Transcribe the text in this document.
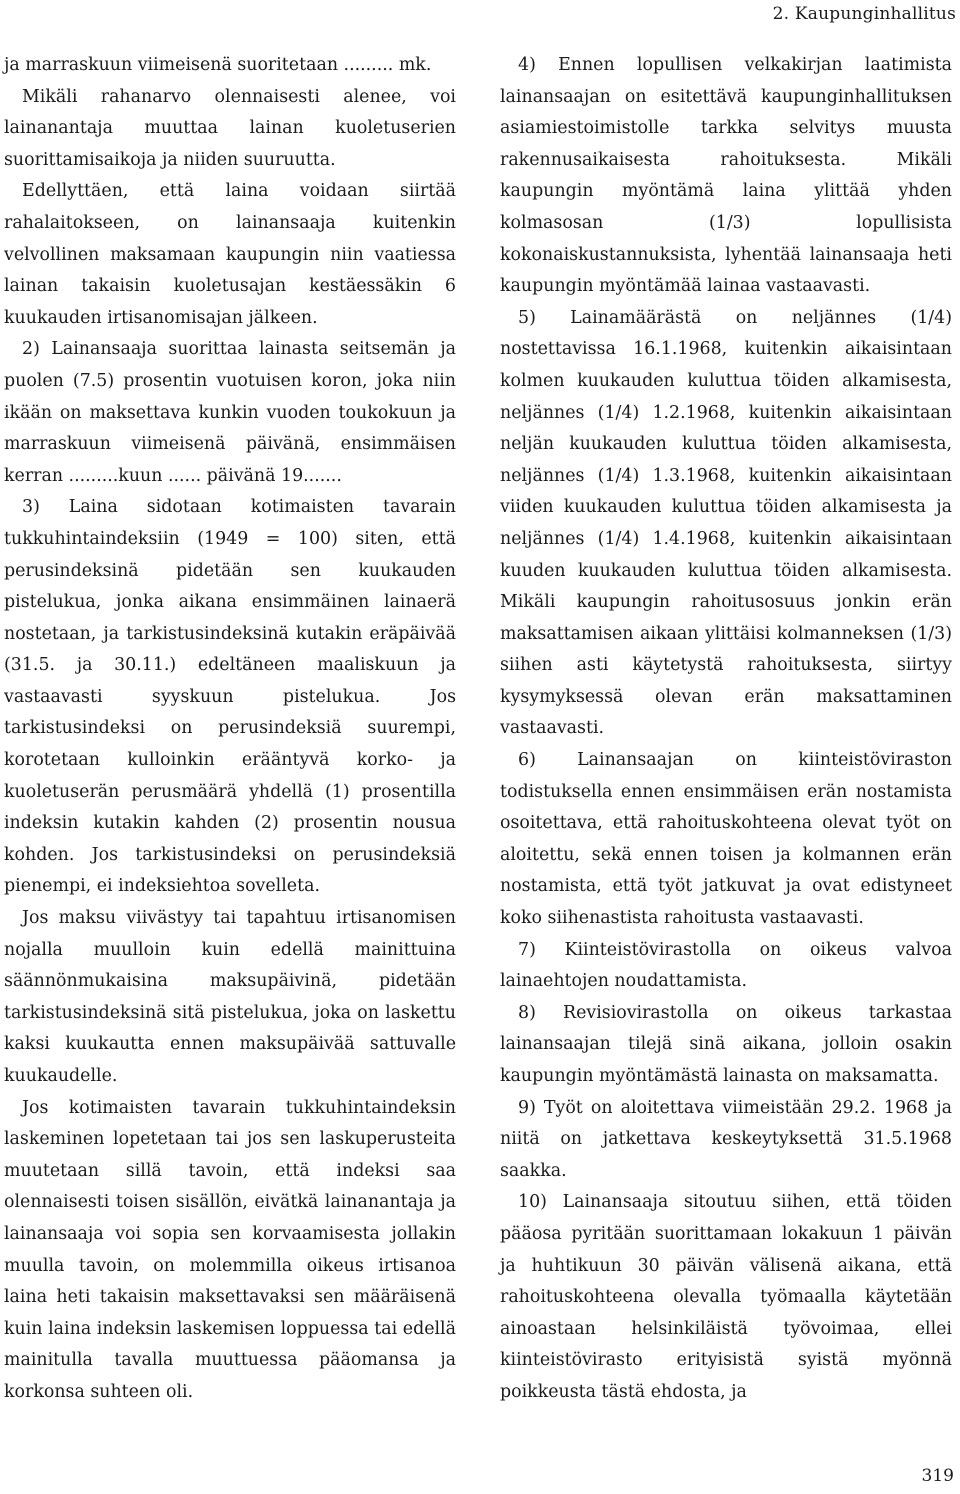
2. Kaupunginhallitus

ja marraskuun viimeisenä suoritetaan ......... mk.

Mikäli rahanarvo olennaisesti alenee, voi lainanantaja muuttaa lainan kuoletuserien suorittamisaikoja ja niiden suuruutta.

Edellyttäen, että laina voidaan siirtää rahalaitokseen, on lainansaaja kuitenkin velvollinen maksamaan kaupungin niin vaatiessa lainan takaisin kuoletusajan kestäessäkin 6 kuukauden irtisanomisajan jälkeen.

2) Lainansaaja suorittaa lainasta seitsemän ja puolen (7.5) prosentin vuotuisen koron, joka niin ikään on maksettava kunkin vuoden toukokuun ja marraskuun viimeisenä päivänä, ensimmäisen kerran .........kuun ...... päivänä 19.......

3) Laina sidotaan kotimaisten tavarain tukkuhintaindeksiin (1949 = 100) siten, että perusindeksinä pidetään sen kuukauden pistelukua, jonka aikana ensimmäinen lainaerä nostetaan, ja tarkistusindeksinä kutakin eräpäivää (31.5. ja 30.11.) edeltäneen maaliskuun ja vastaavasti syyskuun pistelukua. Jos tarkistusindeksi on perusindeksiä suurempi, korotetaan kulloinkin erääntyvä korko- ja kuoletuserän perusmäärä yhdellä (1) prosentilla indeksin kutakin kahden (2) prosentin nousua kohden. Jos tarkistusindeksi on perusindeksiä pienempi, ei indeksiehtoa sovelleta.

Jos maksu viivästyy tai tapahtuu irtisanomisen nojalla muulloin kuin edellä mainittuina säännönmukaisina maksupäivinä, pidetään tarkistusindeksinä sitä pistelukua, joka on laskettu kaksi kuukautta ennen maksupäivää sattuvalle kuukaudelle.

Jos kotimaisten tavarain tukkuhintaindeksin laskeminen lopetetaan tai jos sen laskuperusteita muutetaan sillä tavoin, että indeksi saa olennaisesti toisen sisällön, eivätkä lainanantaja ja lainansaaja voi sopia sen korvaamisesta jollakin muulla tavoin, on molemmilla oikeus irtisanoa laina heti takaisin maksettavaksi sen määräisenä kuin laina indeksin laskemisen loppuessa tai edellä mainitulla tavalla muuttuessa pääomansa ja korkonsa suhteen oli.

4) Ennen lopullisen velkakirjan laatimista lainansaajan on esitettävä kaupunginhallituksen asiamiestoimistolle tarkka selvitys muusta rakennusaikaisesta rahoituksesta. Mikäli kaupungin myöntämä laina ylittää yhden kolmasosan (1/3) lopullisista kokonaiskustannuksista, lyhentää lainansaaja heti kaupungin myöntämää lainaa vastaavasti.

5) Lainamäärästä on neljännes (1/4) nostettavissa 16.1.1968, kuitenkin aikaisintaan kolmen kuukauden kuluttua töiden alkamisesta, neljännes (1/4) 1.2.1968, kuitenkin aikaisintaan neljän kuukauden kuluttua töiden alkamisesta, neljännes (1/4) 1.3.1968, kuitenkin aikaisintaan viiden kuukauden kuluttua töiden alkamisesta ja neljännes (1/4) 1.4.1968, kuitenkin aikaisintaan kuuden kuukauden kuluttua töiden alkamisesta. Mikäli kaupungin rahoitusosuus jonkin erän maksattamisen aikaan ylittäisi kolmanneksen (1/3) siihen asti käytetystä rahoituksesta, siirtyy kysymyksessä olevan erän maksattaminen vastaavasti.

6) Lainansaajan on kiinteistöviraston todistuksella ennen ensimmäisen erän nostamista osoitettava, että rahoituskohteena olevat työt on aloitettu, sekä ennen toisen ja kolmannen erän nostamista, että työt jatkuvat ja ovat edistyneet koko siihenastista rahoitusta vastaavasti.

7) Kiinteistövirastolla on oikeus valvoa lainaehtojen noudattamista.

8) Revisiovirastolla on oikeus tarkastaa lainansaajan tilejä sinä aikana, jolloin osakin kaupungin myöntämästä lainasta on maksamatta.

9) Työt on aloitettava viimeistään 29.2. 1968 ja niitä on jatkettava keskeytyksettä 31.5.1968 saakka.

10) Lainansaaja sitoutuu siihen, että töiden pääosa pyritään suorittamaan lokakuun 1 päivän ja huhtikuun 30 päivän välisenä aikana, että rahoituskohteena olevalla työmaalla käytetään ainoastaan helsinkiläistä työvoimaa, ellei kiinteistövirasto erityisistä syistä myönnä poikkeusta tästä ehdosta, ja

319
